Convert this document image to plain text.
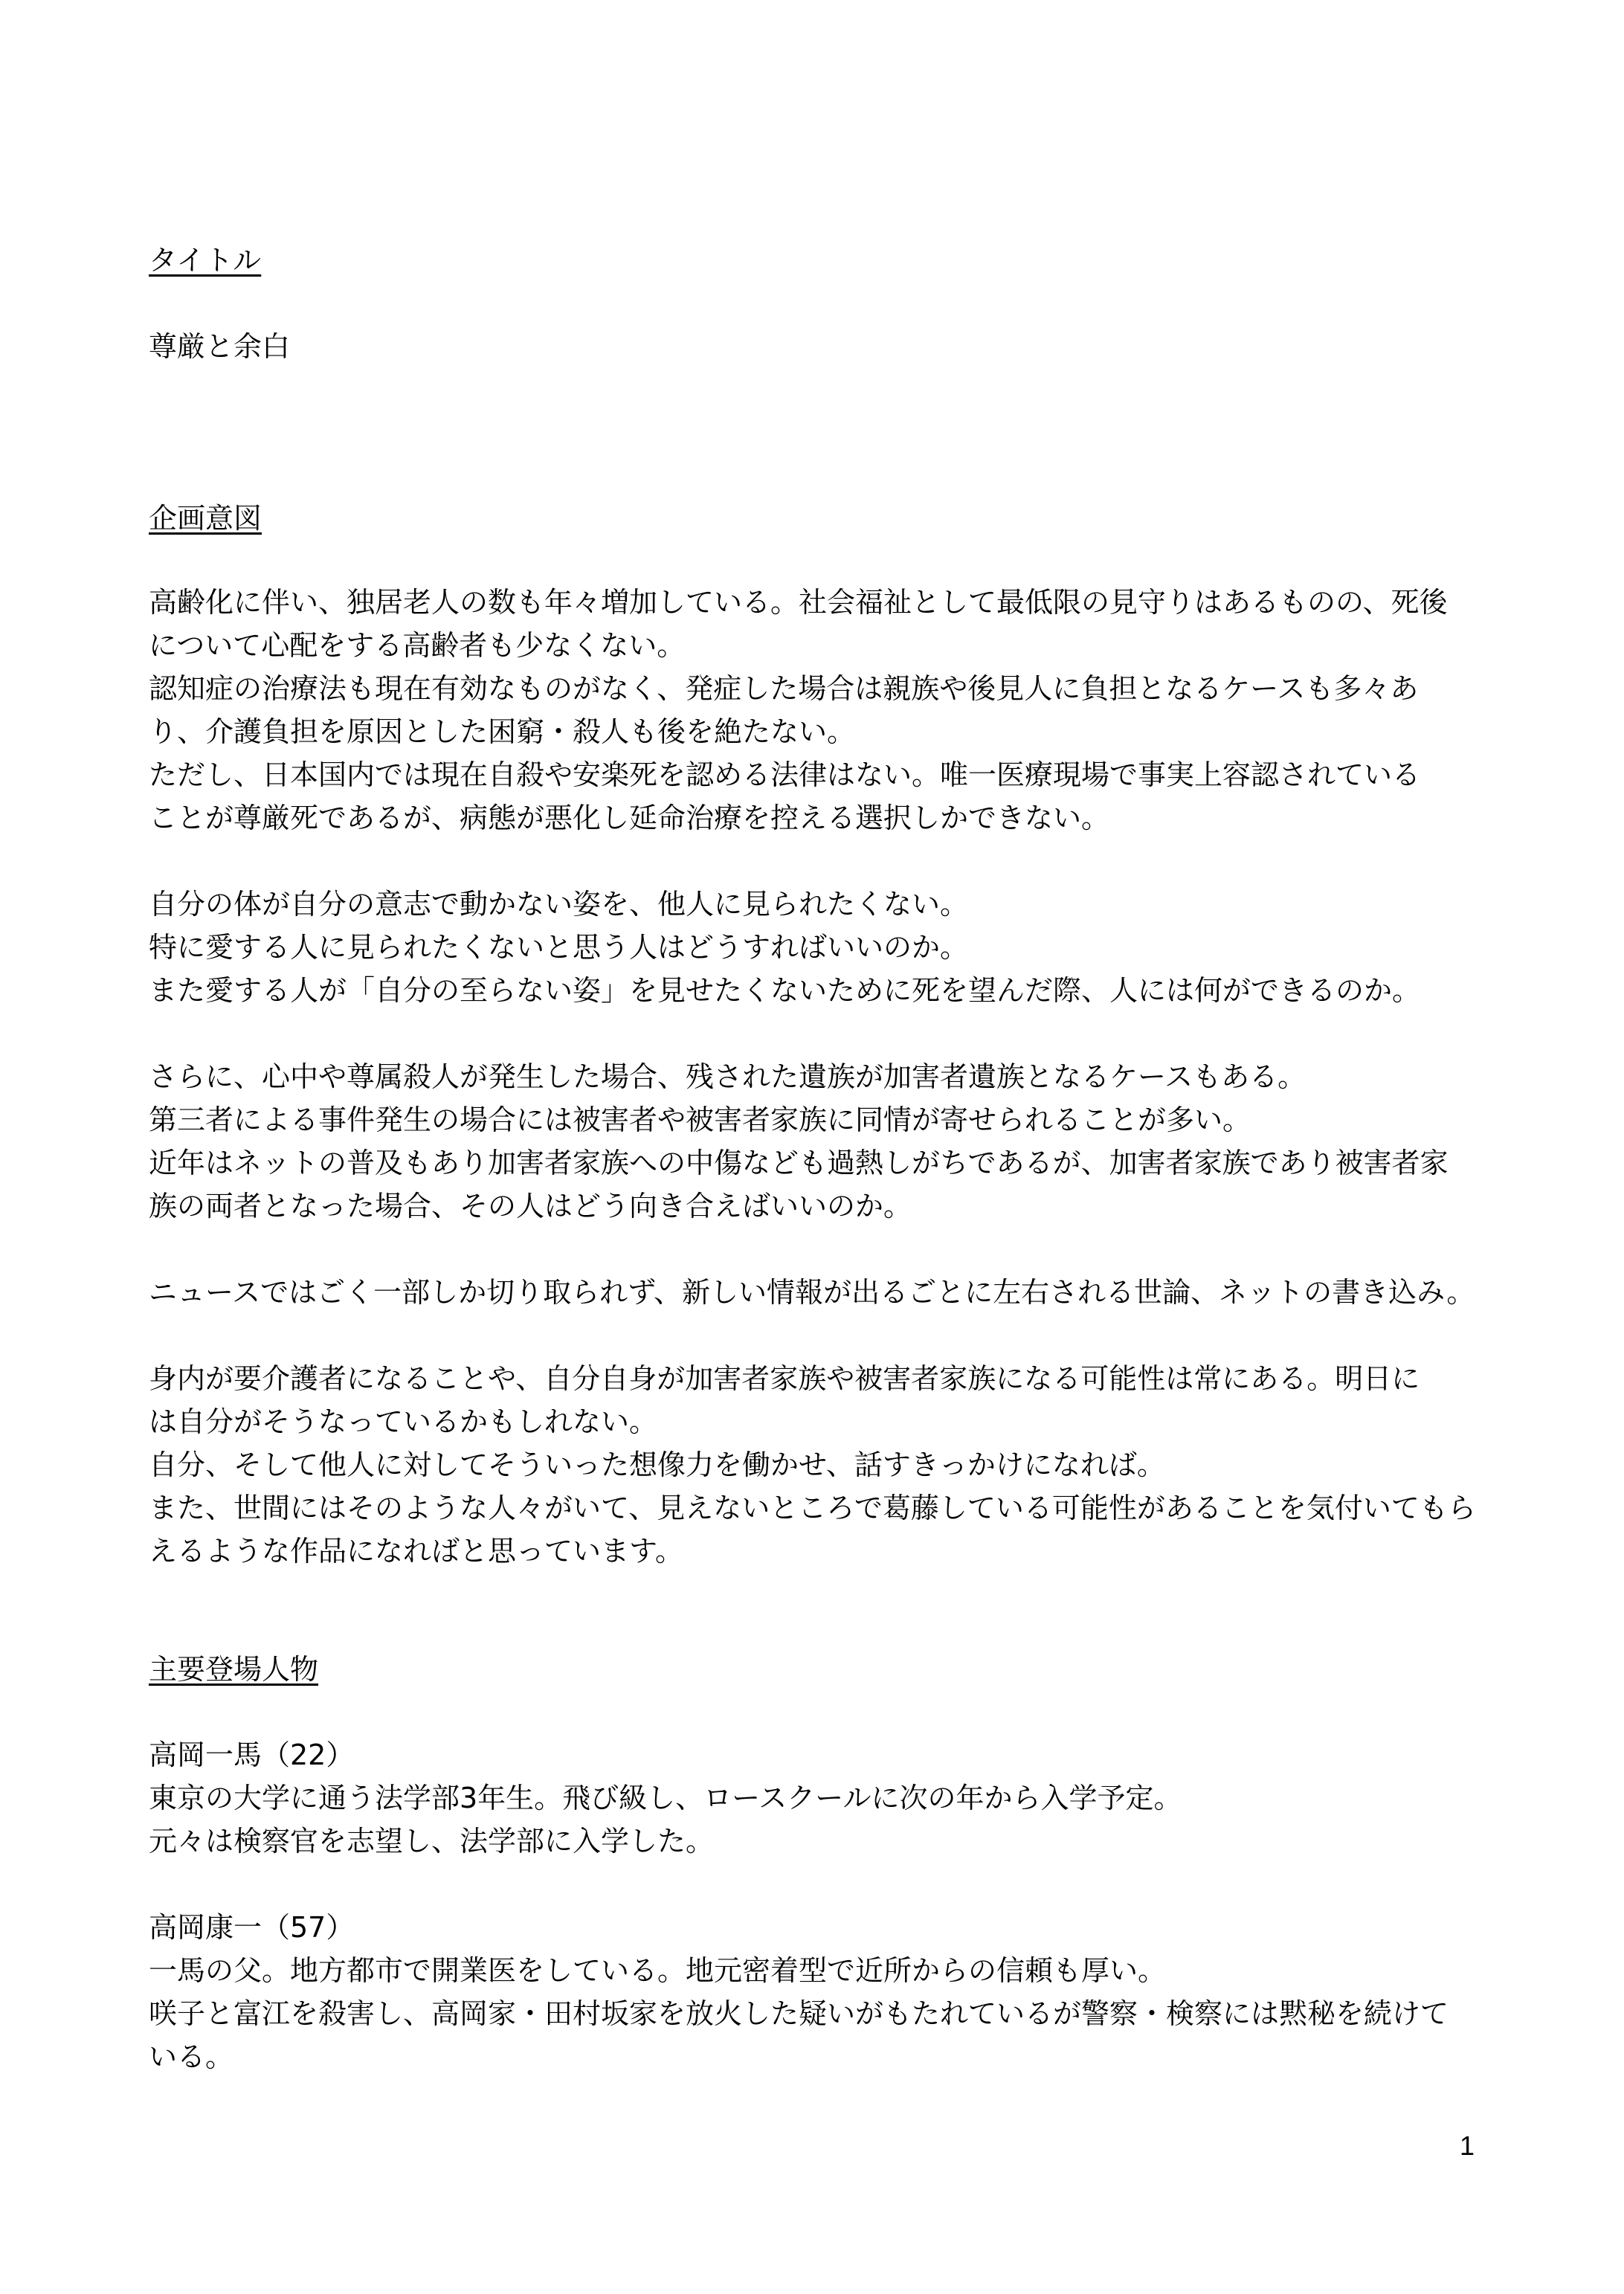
タイトル
尊厳と余白
企画意図
高齢化に伴い、独居老人の数も年々増加している。社会福祉として最低限の見守りはあるものの、死後
について心配をする高齢者も少なくない。
認知症の治療法も現在有効なものがなく、発症した場合は親族や後見人に負担となるケースも多々あ
り、介護負担を原因とした困窮・殺人も後を絶たない。
ただし、日本国内では現在自殺や安楽死を認める法律はない。唯一医療現場で事実上容認されている
ことが尊厳死であるが、病態が悪化し延命治療を控える選択しかできない。
自分の体が自分の意志で動かない姿を、他人に見られたくない。
特に愛する人に見られたくないと思う人はどうすればいいのか。
また愛する人が「自分の至らない姿」を見せたくないために死を望んだ際、人には何ができるのか。
さらに、心中や尊属殺人が発生した場合、残された遺族が加害者遺族となるケースもある。
第三者による事件発生の場合には被害者や被害者家族に同情が寄せられることが多い。
近年はネットの普及もあり加害者家族への中傷なども過熱しがちであるが、加害者家族であり被害者家
族の両者となった場合、その人はどう向き合えばいいのか。
ニュースではごく一部しか切り取られず、新しい情報が出るごとに左右される世論、ネットの書き込み。
身内が要介護者になることや、自分自身が加害者家族や被害者家族になる可能性は常にある。明日に
は自分がそうなっているかもしれない。
自分、そして他人に対してそういった想像力を働かせ、話すきっかけになれば。
また、世間にはそのような人々がいて、見えないところで葛藤している可能性があることを気付いてもら
えるような作品になればと思っています。
主要登場人物
高岡一馬（22）
東京の大学に通う法学部3年生。飛び級し、ロースクールに次の年から入学予定。
元々は検察官を志望し、法学部に入学した。
高岡康一（57）
一馬の父。地方都市で開業医をしている。地元密着型で近所からの信頼も厚い。
咲子と富江を殺害し、高岡家・田村坂家を放火した疑いがもたれているが警察・検察には黙秘を続けて
いる。
1
